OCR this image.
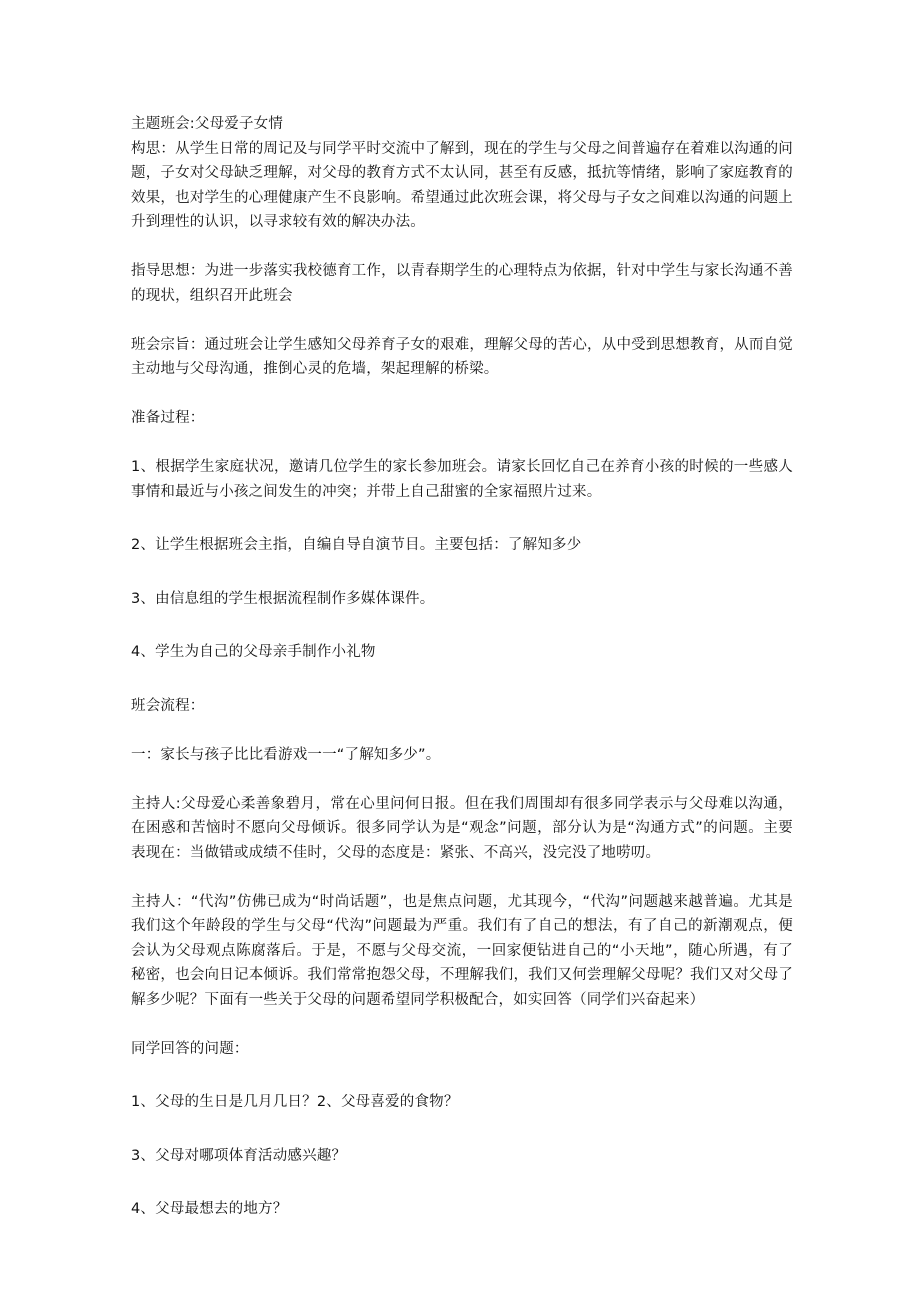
主题班会:父母爱子女情

构思：从学生日常的周记及与同学平时交流中了解到，现在的学生与父母之间普遍存在着难以沟通的问题，子女对父母缺乏理解，对父母的教育方式不太认同，甚至有反感，抵抗等情绪，影响了家庭教育的效果，也对学生的心理健康产生不良影响。希望通过此次班会课，将父母与子女之间难以沟通的问题上升到理性的认识，以寻求较有效的解决办法。

指导思想：为进一步落实我校德育工作，以青春期学生的心理特点为依据，针对中学生与家长沟通不善的现状，组织召开此班会

班会宗旨：通过班会让学生感知父母养育子女的艰难，理解父母的苦心，从中受到思想教育，从而自觉主动地与父母沟通，推倒心灵的危墙，架起理解的桥梁。

准备过程：

1、根据学生家庭状况，邀请几位学生的家长参加班会。请家长回忆自己在养育小孩的时候的一些感人事情和最近与小孩之间发生的冲突；并带上自己甜蜜的全家福照片过来。

2、让学生根据班会主指，自编自导自演节目。主要包括：了解知多少

3、由信息组的学生根据流程制作多媒体课件。

4、学生为自己的父母亲手制作小礼物

班会流程：

一：家长与孩子比比看游戏一一“了解知多少”。

主持人:父母爱心柔善象碧月，常在心里问何日报。但在我们周围却有很多同学表示与父母难以沟通，在困惑和苦恼时不愿向父母倾诉。很多同学认为是“观念”问题，部分认为是“沟通方式”的问题。主要表现在：当做错或成绩不佳时，父母的态度是：紧张、不高兴，没完没了地唠叨。

主持人：“代沟”仿佛已成为“时尚话题”，也是焦点问题，尤其现今，“代沟”问题越来越普遍。尤其是我们这个年龄段的学生与父母“代沟”问题最为严重。我们有了自己的想法，有了自己的新潮观点，便会认为父母观点陈腐落后。于是，不愿与父母交流，一回家便钻进自己的“小天地”，随心所遇，有了秘密，也会向日记本倾诉。我们常常抱怨父母，不理解我们，我们又何尝理解父母呢？我们又对父母了解多少呢？下面有一些关于父母的问题希望同学积极配合，如实回答（同学们兴奋起来）

同学回答的问题：

1、父母的生日是几月几日？2、父母喜爱的食物？

3、父母对哪项体育活动感兴趣？

4、父母最想去的地方？
